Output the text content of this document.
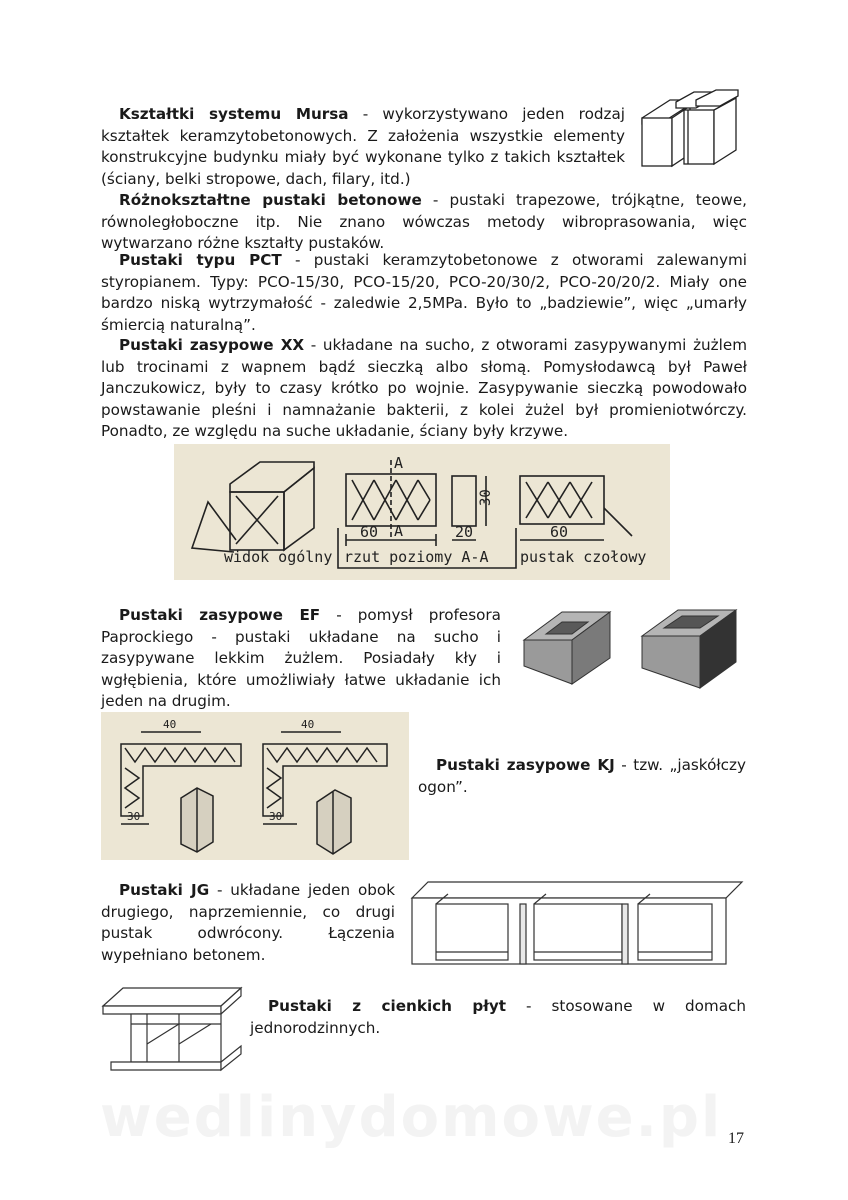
Kształtki systemu Mursa - wykorzystywano jeden rodzaj kształtek keramzytobetonowych. Z założenia wszystkie elementy konstrukcyjne budynku miały być wykonane tylko z takich kształtek (ściany, belki stropowe, dach, filary, itd.)
Różnokształtne pustaki betonowe - pustaki trapezowe, trójkątne, teowe, równoległoboczne itp. Nie znano wówczas metody wibroprasowania, więc wytwarzano różne kształty pustaków.
Pustaki typu PCT - pustaki keramzytobetonowe z otworami zalewanymi styropianem. Typy: PCO-15/30, PCO-15/20, PCO-20/30/2, PCO-20/20/2. Miały one bardzo niską wytrzymałość - zaledwie 2,5MPa. Było to „badziewie”, więc „umarły śmiercią naturalną”.
Pustaki zasypowe XX - układane na sucho, z otworami zasypywanymi żużlem lub trocinami z wapnem bądź sieczką albo słomą. Pomysłodawcą był Paweł Janczukowicz, były to czasy krótko po wojnie. Zasypywanie sieczką powodowało powstawanie pleśni i namnażanie bakterii, z kolei żużel był promieniotwórczy. Ponadto, ze względu na suche układanie, ściany były krzywe.
A
A
60	20
30
60
widok ogólny rzut poziomy A-A pustak czołowy
Pustaki zasypowe EF - pomysł profesora Paprockiego - pustaki układane na sucho i zasypywane lekkim żużlem. Posiadały kły i wgłębienia, które umożliwiały łatwe układanie ich jeden na drugim.
40	40
30	30
Pustaki zasypowe KJ - tzw. „jaskółczy ogon”.
Pustaki JG - układane jeden obok drugiego, naprzemiennie, co drugi pustak odwrócony. Łączenia wypełniano betonem.
Pustaki z cienkich płyt - stosowane w domach jednorodzinnych.
wedlinydomowe.pl 17
